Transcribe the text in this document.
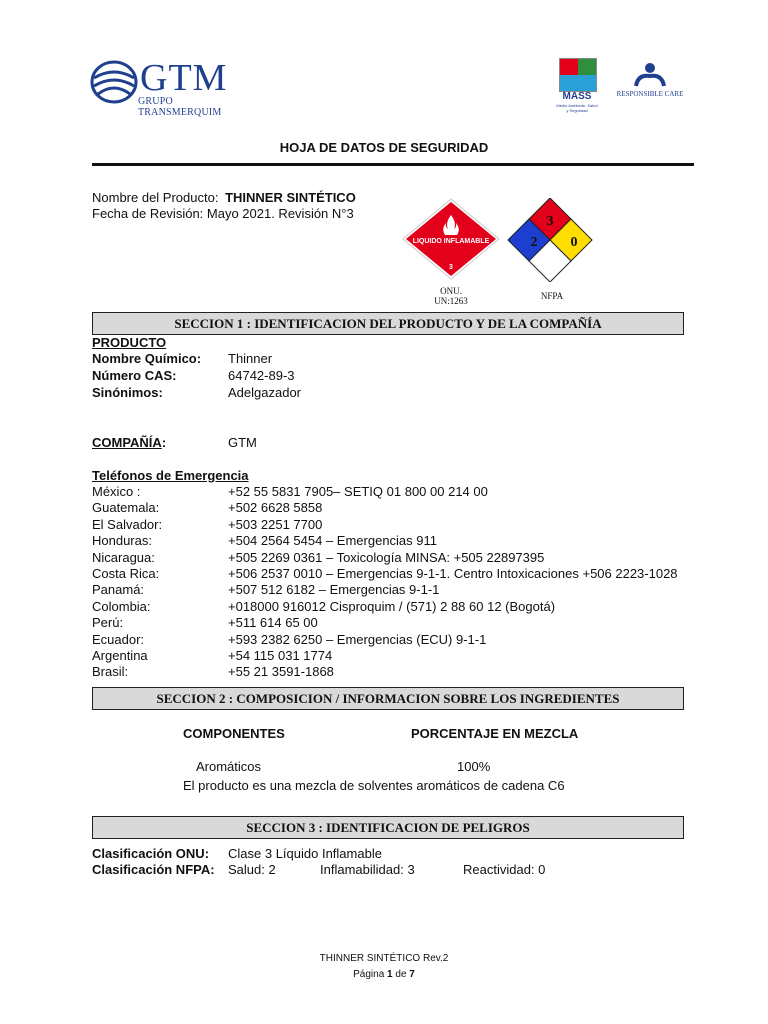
GTM
GRUPO TRANSMERQUIM
MASS
Medio Ambiente, Salud y Seguridad
RESPONSIBLE CARE
HOJA DE DATOS DE SEGURIDAD
Nombre del Producto: THINNER SINTÉTICO
Fecha de Revisión: Mayo 2021. Revisión N°3
LIQUIDO INFLAMABLE
3
ONU.
UN:1263
3
2 0
NFPA
SECCION 1 : IDENTIFICACION DEL PRODUCTO Y DE LA COMPAÑÍA
PRODUCTO
Nombre Químico: Thinner
Número CAS:	64742-89-3
Sinónimos:	Adelgazador
COMPAÑÍA:	GTM
Teléfonos de Emergencia
México :	+52 55 5831 7905– SETIQ 01 800 00 214 00
Guatemala:	+502 6628 5858
El Salvador:	+503 2251 7700
Honduras:	+504 2564 5454 – Emergencias 911
Nicaragua:	+505 2269 0361 – Toxicología MINSA: +505 22897395
Costa Rica:	+506 2537 0010 – Emergencias 9-1-1. Centro Intoxicaciones +506 2223-1028
Panamá:	+507 512 6182 – Emergencias 9-1-1
Colombia:	+018000 916012 Cisproquim / (571) 2 88 60 12 (Bogotá)
Perú:	+511 614 65 00
Ecuador:	+593 2382 6250 – Emergencias (ECU) 9-1-1
Argentina	+54 115 031 1774
Brasil:	+55 21 3591-1868
SECCION 2 : COMPOSICION / INFORMACION SOBRE LOS INGREDIENTES
COMPONENTES	PORCENTAJE EN MEZCLA
Aromáticos	100%
El producto es una mezcla de solventes aromáticos de cadena C6
SECCION 3 : IDENTIFICACION DE PELIGROS
Clasificación ONU: Clase 3 Líquido Inflamable
Clasificación NFPA: Salud: 2	Inflamabilidad: 3	Reactividad: 0
THINNER SINTÉTICO Rev.2
Página 1 de 7
